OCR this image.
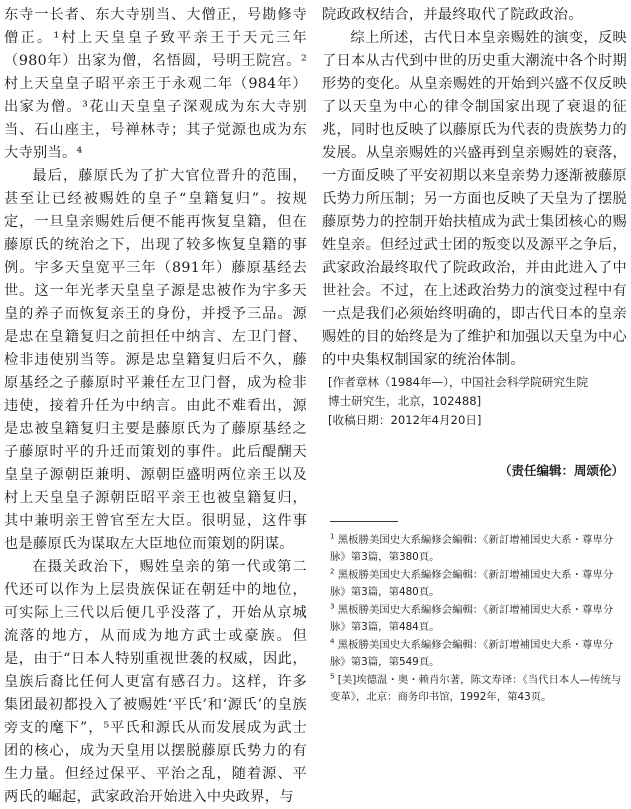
东寺一长者、东大寺别当、大僧正，号勘修寺僧正。¹村上天皇皇子致平亲王于天元三年（980年）出家为僧，名悟圆，号明王院宫。²村上天皇皇子昭平亲王于永观二年（984年）出家为僧。³花山天皇皇子深观成为东大寺别当、石山座主，号禅林寺；其子觉源也成为东大寺别当。⁴

最后，藤原氏为了扩大官位晋升的范围，甚至让已经被赐姓的皇子“皇籍复归”。按规定，一旦皇亲赐姓后便不能再恢复皇籍，但在藤原氏的统治之下，出现了较多恢复皇籍的事例。宇多天皇宽平三年（891年）藤原基经去世。这一年光孝天皇皇子源是忠被作为宇多天皇的养子而恢复亲王的身份，并授予三品。源是忠在皇籍复归之前担任中纳言、左卫门督、检非违使别当等。源是忠皇籍复归后不久，藤原基经之子藤原时平兼任左卫门督，成为检非违使，接着升任为中纳言。由此不难看出，源是忠被皇籍复归主要是藤原氏为了藤原基经之子藤原时平的升迁而策划的事件。此后醍醐天皇皇子源朝臣兼明、源朝臣盛明两位亲王以及村上天皇皇子源朝臣昭平亲王也被皇籍复归，其中兼明亲王曾官至左大臣。很明显，这件事也是藤原氏为谋取左大臣地位而策划的阴谋。

在摄关政治下，赐姓皇亲的第一代或第二代还可以作为上层贵族保证在朝廷中的地位，可实际上三代以后便几乎没落了，开始从京城流落的地方，从而成为地方武士或豪族。但是，由于“日本人特别重视世袭的权威，因此，皇族后裔比任何人更富有感召力。这样，许多集团最初都投入了被赐姓‘平氏’和‘源氏’的皇族旁支的麾下”，⁵平氏和源氏从而发展成为武士团的核心，成为天皇用以摆脱藤原氏势力的有生力量。但经过保平、平治之乱，随着源、平两氏的崛起，武家政治开始进入中央政界，与

院政政权结合，并最终取代了院政政治。

综上所述，古代日本皇亲赐姓的演变，反映了日本从古代到中世的历史重大潮流中各个时期形势的变化。从皇亲赐姓的开始到兴盛不仅反映了以天皇为中心的律令制国家出现了衰退的征兆，同时也反映了以藤原氏为代表的贵族势力的发展。从皇亲赐姓的兴盛再到皇亲赐姓的衰落，一方面反映了平安初期以来皇亲势力逐渐被藤原氏势力所压制；另一方面也反映了天皇为了摆脱藤原势力的控制开始扶植成为武士集团核心的赐姓皇亲。但经过武士团的叛变以及源平之争后，武家政治最终取代了院政政治，并由此进入了中世社会。不过，在上述政治势力的演变过程中有一点是我们必须始终明确的，即古代日本的皇亲赐姓的目的始终是为了维护和加强以天皇为中心的中央集权制国家的统治体制。

[作者章林（1984年—），中国社会科学院研究生院
博士研究生，北京，102488]
[收稿日期：2012年4月20日]
（责任编辑：周颂伦）
$^1$ 黑板勝美国史大系編修会編輯：《新訂增補国史大系・尊卑分脉》第3篇，第380頁。
$^2$ 黑板勝美国史大系編修会編輯：《新訂增補国史大系・尊卑分脉》第3篇，第480頁。
$^3$ 黑板勝美国史大系編修会編輯：《新訂增補国史大系・尊卑分脉》第3篇，第484頁。
$^4$ 黑板勝美国史大系編修会編輯：《新訂增補国史大系・尊卑分脉》第3篇，第549頁。
$^5$ [美]埃德温・奥・赖肖尔著，陈文寿译：《当代日本人—传统与变革》，北京：商务印书馆，1992年，第43页。
